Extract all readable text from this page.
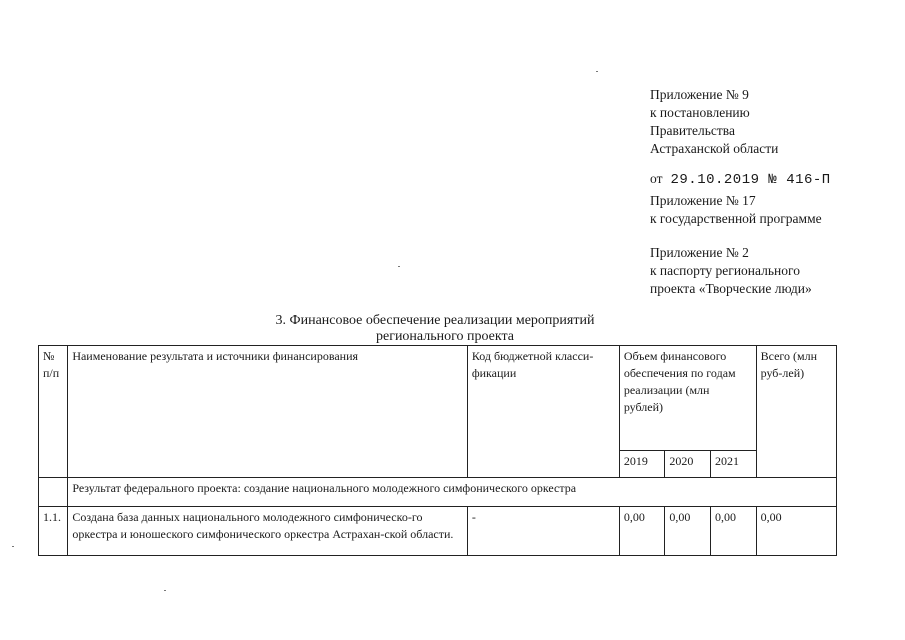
Приложение № 9
к постановлению
Правительства
Астраханской области
от 29.10.2019 № 416-П
Приложение № 17
к государственной программе
Приложение № 2
к паспорту регионального
проекта «Творческие люди»
3. Финансовое обеспечение реализации мероприятий
регионального проекта
№ п/п	Наименование результата и источники финансирования	Код бюджетной класси-фикации	Объем финансового обеспечения по годам реализации (млн рублей)			Всего (млн руб-лей)
			2019	2020	2021	
	Результат федерального проекта: создание национального молодежного симфонического оркестра					
1.1.	Создана база данных национального молодежного симфоническо-го оркестра и юношеского симфонического оркестра Астрахан-ской области.	-	0,00	0,00	0,00	0,00
